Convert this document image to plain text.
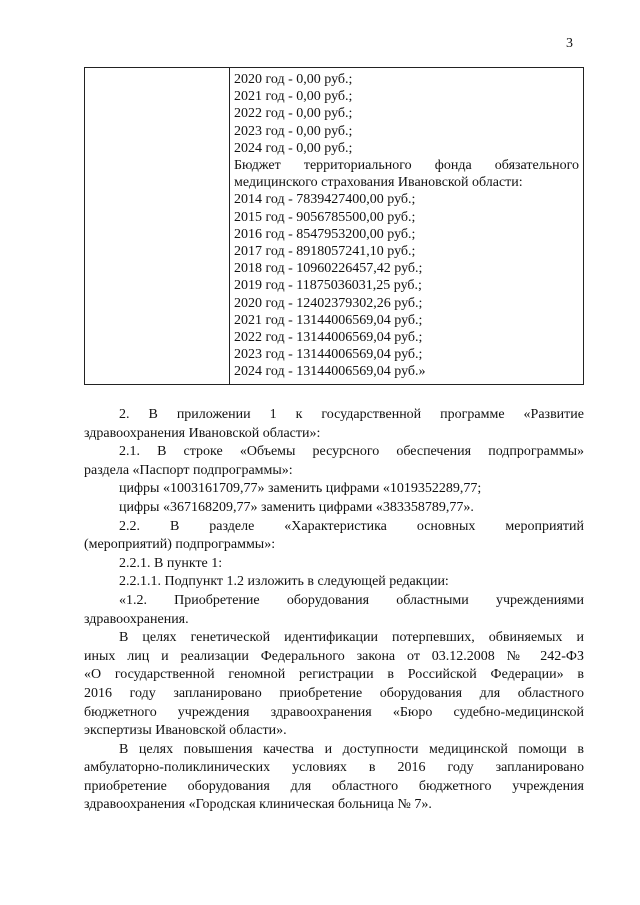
3
2020 год - 0,00 руб.;
2021 год - 0,00 руб.;
2022 год - 0,00 руб.;
2023 год - 0,00 руб.;
2024 год - 0,00 руб.;
Бюджет территориального фонда обязательного
медицинского страхования Ивановской области:
2014 год - 7839427400,00 руб.;
2015 год - 9056785500,00 руб.;
2016 год - 8547953200,00 руб.;
2017 год - 8918057241,10 руб.;
2018 год - 10960226457,42 руб.;
2019 год - 11875036031,25 руб.;
2020 год - 12402379302,26 руб.;
2021 год - 13144006569,04 руб.;
2022 год - 13144006569,04 руб.;
2023 год - 13144006569,04 руб.;
2024 год - 13144006569,04 руб.»
2. В приложении 1 к государственной программе «Развитие
здравоохранения Ивановской области»:
2.1. В строке «Объемы ресурсного обеспечения подпрограммы»
раздела «Паспорт подпрограммы»:
цифры «1003161709,77» заменить цифрами «1019352289,77;
цифры «367168209,77» заменить цифрами «383358789,77».
2.2. В разделе «Характеристика основных мероприятий
(мероприятий) подпрограммы»:
2.2.1. В пункте 1:
2.2.1.1. Подпункт 1.2 изложить в следующей редакции:
«1.2. Приобретение оборудования областными учреждениями
здравоохранения.
В целях генетической идентификации потерпевших, обвиняемых и
иных лиц и реализации Федерального закона от 03.12.2008 № 242-ФЗ
«О государственной геномной регистрации в Российской Федерации» в
2016 году запланировано приобретение оборудования для областного
бюджетного учреждения здравоохранения «Бюро судебно-медицинской
экспертизы Ивановской области».
В целях повышения качества и доступности медицинской помощи в
амбулаторно-поликлинических условиях в 2016 году запланировано
приобретение оборудования для областного бюджетного учреждения
здравоохранения «Городская клиническая больница № 7».
